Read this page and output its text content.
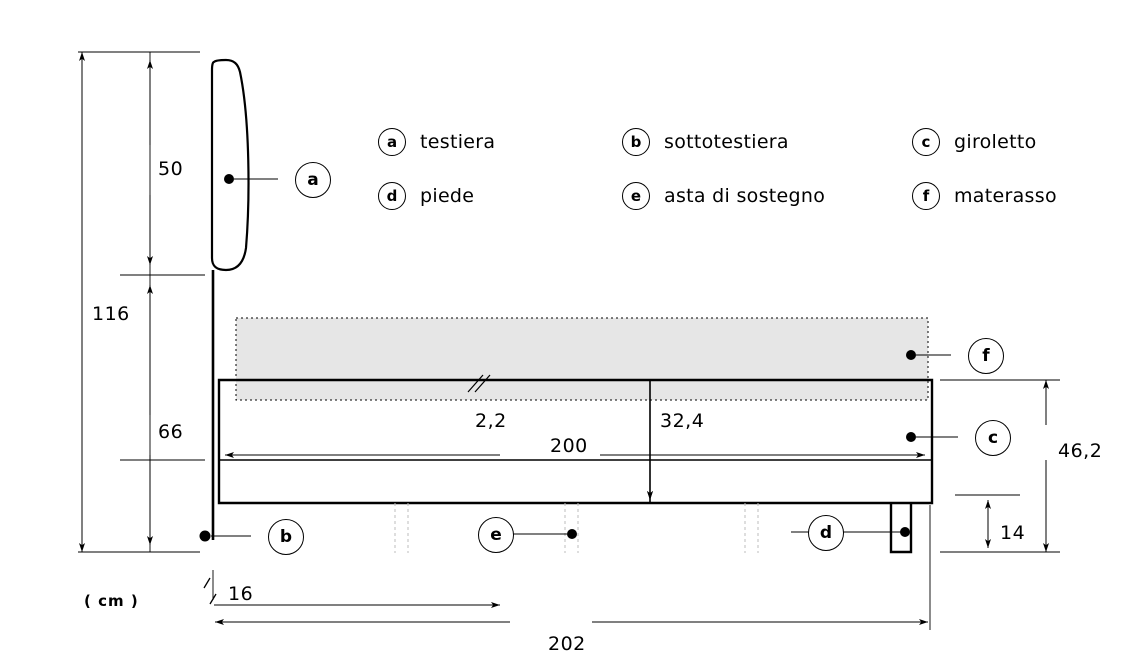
a	testiera	b	sottotestiera	c	giroletto
d	piede	e	asta di sostegno	f	materasso
a
b
c
d
e
f
50
116
66	2,2
200
32,4
46,2
14
16
202
( cm )
